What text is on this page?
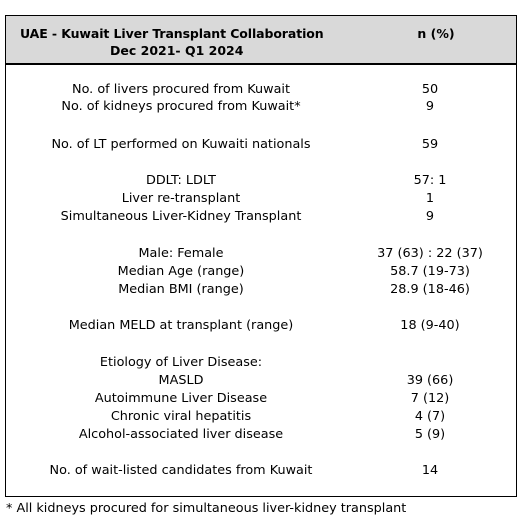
UAE - Kuwait Liver Transplant Collaboration
Dec 2021- Q1 2024
n (%)
No. of livers procured from Kuwait	50
No. of kidneys procured from Kuwait*	9
No. of LT performed on Kuwaiti nationals	59
DDLT: LDLT	57: 1
Liver re-transplant	1
Simultaneous Liver-Kidney Transplant	9
Male: Female	37 (63) : 22 (37)
Median Age (range)	58.7 (19-73)
Median BMI (range)	28.9 (18-46)
Median MELD at transplant (range)	18 (9-40)
Etiology of Liver Disease:
MASLD	39 (66)
Autoimmune Liver Disease	7 (12)
Chronic viral hepatitis	4 (7)
Alcohol-associated liver disease	5 (9)
No. of wait-listed candidates from Kuwait	14
* All kidneys procured for simultaneous liver-kidney transplant
